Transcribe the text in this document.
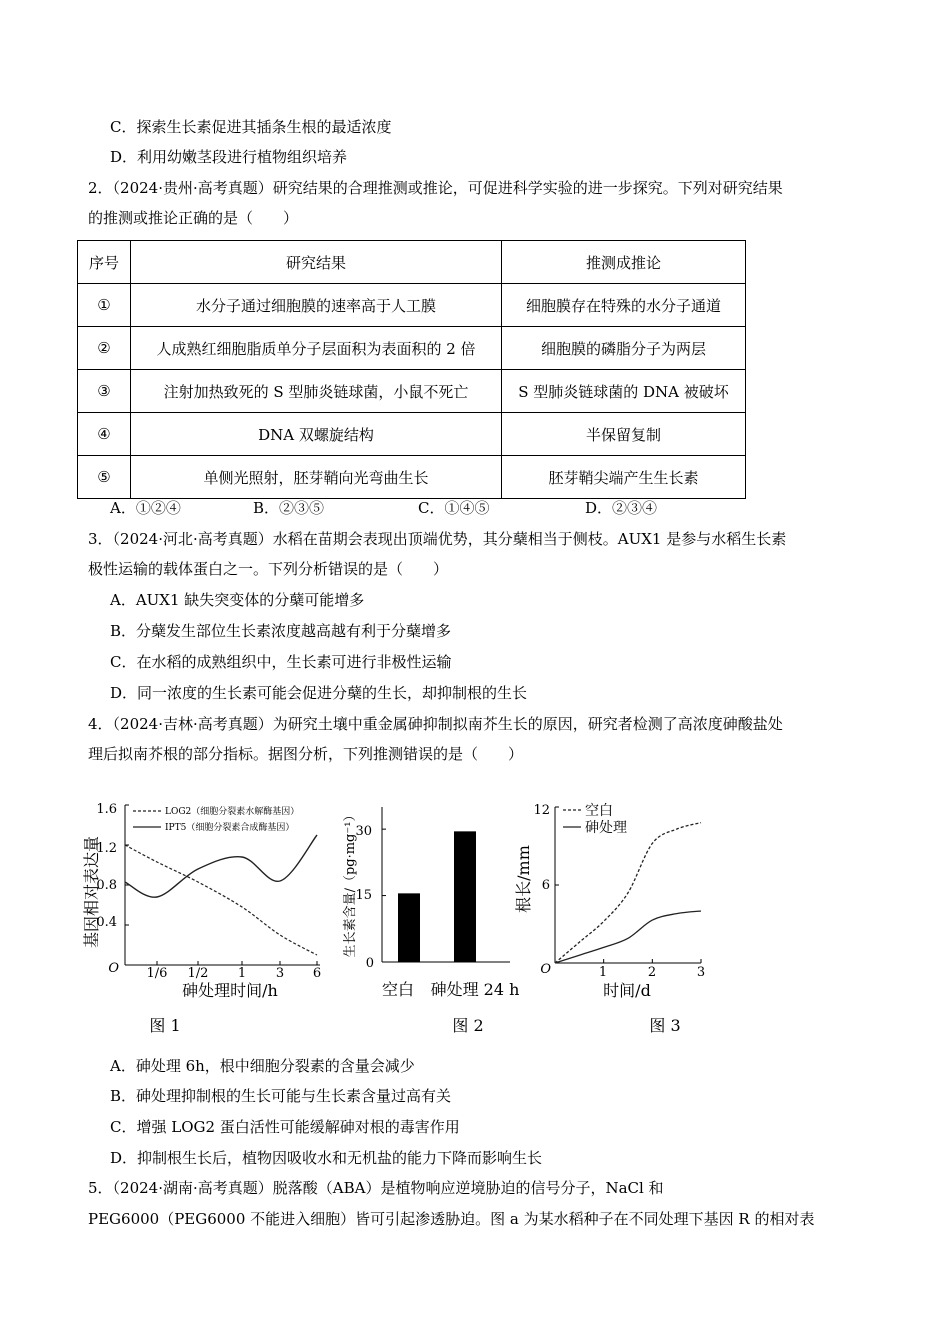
C．探索生长素促进其插条生根的最适浓度
D．利用幼嫩茎段进行植物组织培养
2．（2024·贵州·高考真题）研究结果的合理推测或推论，可促进科学实验的进一步探究。下列对研究结果
的推测或推论正确的是（　　）
序号	研究结果	推测成推论
①	水分子通过细胞膜的速率高于人工膜	细胞膜存在特殊的水分子通道
②	人成熟红细胞脂质单分子层面积为表面积的 2 倍	细胞膜的磷脂分子为两层
③	注射加热致死的 S 型肺炎链球菌，小鼠不死亡	S 型肺炎链球菌的 DNA 被破坏
④	DNA 双螺旋结构	半保留复制
⑤	单侧光照射，胚芽鞘向光弯曲生长	胚芽鞘尖端产生生长素
A．①②④	B．②③⑤	C．①④⑤	D．②③④
3．（2024·河北·高考真题）水稻在苗期会表现出顶端优势，其分蘖相当于侧枝。AUX1 是参与水稻生长素
极性运输的载体蛋白之一。下列分析错误的是（　　）
A．AUX1 缺失突变体的分蘖可能增多
B．分蘖发生部位生长素浓度越高越有利于分蘖增多
C．在水稻的成熟组织中，生长素可进行非极性运输
D．同一浓度的生长素可能会促进分蘖的生长，却抑制根的生长
4．（2024·吉林·高考真题）为研究土壤中重金属砷抑制拟南芥生长的原因，研究者检测了高浓度砷酸盐处
理后拟南芥根的部分指标。据图分析，下列推测错误的是（　　）
LOG2（细胞分裂素水解酶基因）
IPT5（细胞分裂素合成酶基因）
1.6
1.2
0.8
0.4
O 1/6 1/2 1 3 6
砷处理时间/h
基因相对表达量
图 1
30
15
0
空白 砷处理 24 h
生长素含量/（pg·mg⁻¹）
图 2
空白
砷处理
12
6
O	1	2	3
时间/d
根长/mm
图 3
A．砷处理 6h，根中细胞分裂素的含量会减少
B．砷处理抑制根的生长可能与生长素含量过高有关
C．增强 LOG2 蛋白活性可能缓解砷对根的毒害作用
D．抑制根生长后，植物因吸收水和无机盐的能力下降而影响生长
5．（2024·湖南·高考真题）脱落酸（ABA）是植物响应逆境胁迫的信号分子，NaCl 和
PEG6000（PEG6000 不能进入细胞）皆可引起渗透胁迫。图 a 为某水稻种子在不同处理下基因 R 的相对表
